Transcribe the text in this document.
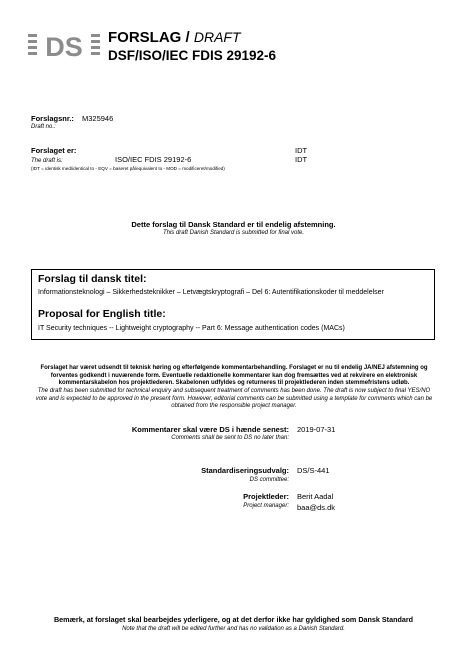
DS FORSLAG / DRAFT
DSF/ISO/IEC FDIS 29192-6
Forslagsnr.: M325946
Draft no.:
Forslaget er:	IDT
The draft is:	ISO/IEC FDIS 29192-6	IDT
(IDT = identisk med/identical to - EQV = baseret på/equivalent to - MOD = modificeret/modified)
Dette forslag til Dansk Standard er til endelig afstemning.
This draft Danish Standard is submitted for final vote.
Forslag til dansk titel:
Informationsteknologi – Sikkerhedsteknikker – Letvægtskryptografi – Del 6: Autentifikationskoder til meddelelser
Proposal for English title:
IT Security techniques -- Lightweight cryptography -- Part 6: Message authentication codes (MACs)
Forslaget har været udsendt til teknisk høring og efterfølgende kommentarbehandling. Forslaget er nu til endelig JA/NEJ afstemning og forventes godkendt i nuværende form. Eventuelle redaktionelle kommentarer kan dog fremsættes ved at rekvirere en elektronisk kommentarskabelon hos projektlederen. Skabelonen udfyldes og returneres til projektlederen inden stemmefristens udløb.
The draft has been submitted for technical enquiry and subsequent treatment of comments has been done. The draft is now subject to final YES/NO vote and is expected to be approved in the present form. However, editorial comments can be submitted using a template for comments which can be obtained from the responsible project manager.
Kommentarer skal være DS i hænde senest:
Comments shall be sent to DS no later than:
2019-07-31
Standardiseringsudvalg:
DS committee:
DS/S-441
Projektleder:
Project manager:
Berit Aadal
baa@ds.dk
Bemærk, at forslaget skal bearbejdes yderligere, og at det derfor ikke har gyldighed som Dansk Standard
Note that the draft will be edited further and has no validation as a Danish Standard.
